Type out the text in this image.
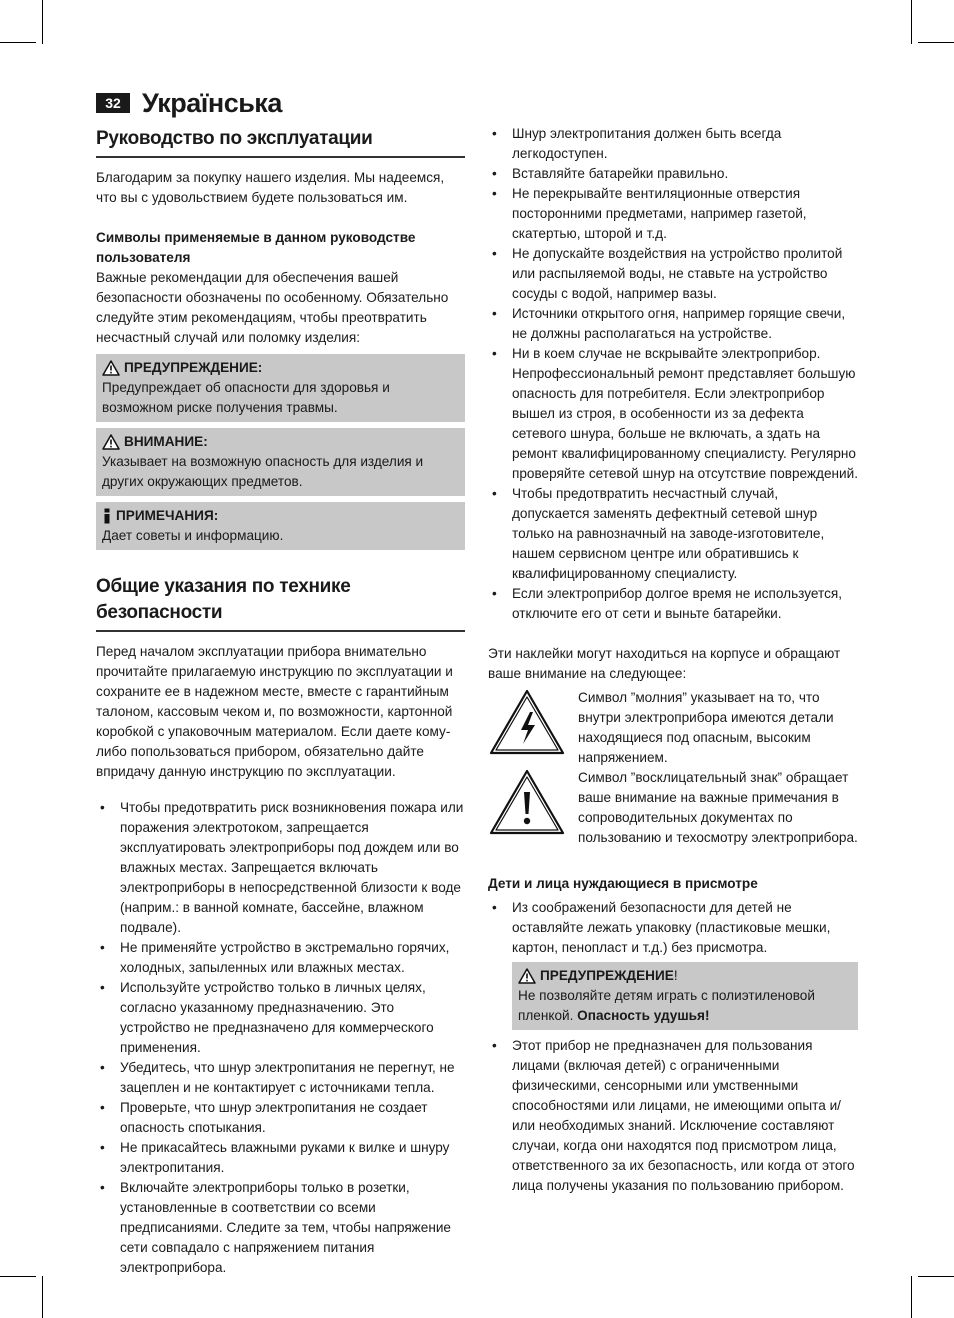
32 Українська
Руководство по эксплуатации

Благодарим за покупку нашего изделия. Мы надеемся, что вы с удовольствием будете пользоваться им.

Символы применяемые в данном руководстве пользователя

Важные рекомендации для обеспечения вашей безопасности обозначены по особенному. Обязательно следуйте этим рекомендациям, чтобы преотвратить несчастный случай или поломку изделия:

ПРЕДУПРЕЖДЕНИЕ:

Предупреждает об опасности для здоровья и возможном риске получения травмы.

ВНИМАНИЕ:

Указывает на возможную опасность для изделия и других окружающих предметов.

ПРИМЕЧАНИЯ:

Дает советы и информацию.

Общие указания по технике безопасности

Перед началом эксплуатации прибора внимательно прочитайте прилагаемую инструкцию по эксплуатации и сохраните ее в надежном месте, вместе с гарантийным талоном, кассовым чеком и, по возможности, картонной коробкой с упаковочным материалом. Если даете кому-либо попользоваться прибором, обязательно дайте впридачу данную инструкцию по эксплуатации.

• Чтобы предотвратить риск возникновения пожара или поражения электротоком, запрещается эксплуатировать электроприборы под дождем или во влажных местах. Запрещается включать электроприборы в непосредственной близости к воде (наприм.: в ванной комнате, бассейне, влажном подвале).
• Не применяйте устройство в экстремально горячих, холодных, запыленных или влажных местах.
• Используйте устройство только в личных целях, согласно указанному предназначению. Это устройство не предназначено для коммерческого применения.
• Убедитесь, что шнур электропитания не перегнут, не зацеплен и не контактирует с источниками тепла.
• Проверьте, что шнур электропитания не создает опасность спотыкания.
• Не прикасайтесь влажными руками к вилке и шнуру электропитания.
• Включайте электроприборы только в розетки, установленные в соответствии со всеми предписаниями. Следите за тем, чтобы напряжение сети совпадало с напряжением питания электроприбора.
• Шнур электропитания должен быть всегда легкодоступен.
• Вставляйте батарейки правильно.
• Не перекрывайте вентиляционные отверстия посторонними предметами, например газетой, скатертью, шторой и т.д.
• Не допускайте воздействия на устройство пролитой или распыляемой воды, не ставьте на устройство сосуды с водой, например вазы.
• Источники открытого огня, например горящие свечи, не должны располагаться на устройстве.
• Ни в коем случае не вскрывайте электроприбор. Непрофессиональный ремонт представляет большую опасность для потребителя. Если электроприбор вышел из строя, в особенности из за дефекта сетевого шнура, больше не включать, а здать на ремонт квалифицированному специалисту. Регулярно проверяйте сетевой шнур на отсутствие повреждений.
• Чтобы предотвратить несчастный случай, допускается заменять дефектный сетевой шнур только на равнозначный на заводе-изготовителе, нашем сервисном центре или обратившись к квалифицированному специалисту.
• Если электроприбор долгое время не используется, отключите его от сети и выньте батарейки.

Эти наклейки могут находиться на корпусе и обращают ваше внимание на следующее:

Символ ”молния” указывает на то, что внутри электроприбора имеются детали находящиеся под опасным, высоким напряжением.

Символ ”восклицательный знак” обращает ваше внимание на важные примечания в сопроводительных документах по пользованию и техосмотру электроприбора.

Дети и лица нуждающиеся в присмотре
• Из соображений безопасности для детей не оставляйте лежать упаковку (пластиковые мешки, картон, пенопласт и т.д.) без присмотра.
ПРЕДУПРЕЖДЕНИЕ !

Не позволяйте детям играть с полиэтиленовой пленкой. Опасность удушья!

• Этот прибор не предназначен для пользования лицами (включая детей) с ограниченными физическими, сенсорными или умственными способностями или лицами, не имеющими опыта и/или необходимых знаний. Исключение составляют случаи, когда они находятся под присмотром лица, ответственного за их безопасность, или когда от этого лица получены указания по пользованию прибором.
